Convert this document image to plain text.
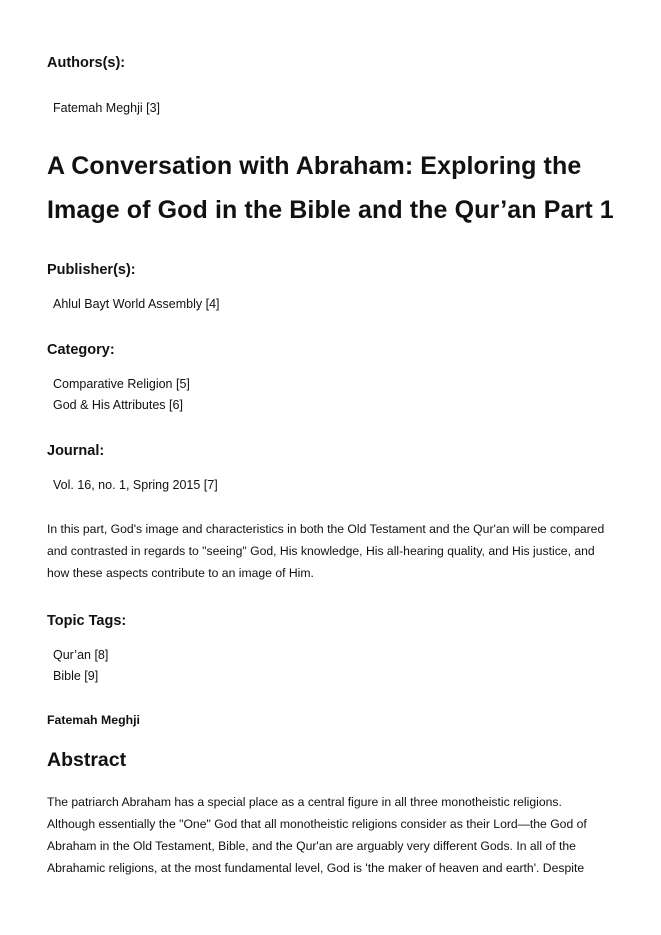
Authors(s):

Fatemah Meghji [3]

A Conversation with Abraham: Exploring the
Image of God in the Bible and the Qur’an Part 1

Publisher(s):

Ahlul Bayt World Assembly [4]

Category:

Comparative Religion [5]

God & His Attributes [6]

Journal:

Vol. 16, no. 1, Spring 2015 [7]

In this part, God's image and characteristics in both the Old Testament and the Qur'an will be compared

and contrasted in regards to "seeing" God, His knowledge, His all-hearing quality, and His justice, and

how these aspects contribute to an image of Him.

Topic Tags:

Qur’an [8]

Bible [9]

Fatemah Meghji

Abstract

The patriarch Abraham has a special place as a central figure in all three monotheistic religions.

Although essentially the "One" God that all monotheistic religions consider as their Lord—the God of

Abraham in the Old Testament, Bible, and the Qur'an are arguably very different Gods. In all of the

Abrahamic religions, at the most fundamental level, God is 'the maker of heaven and earth'. Despite
